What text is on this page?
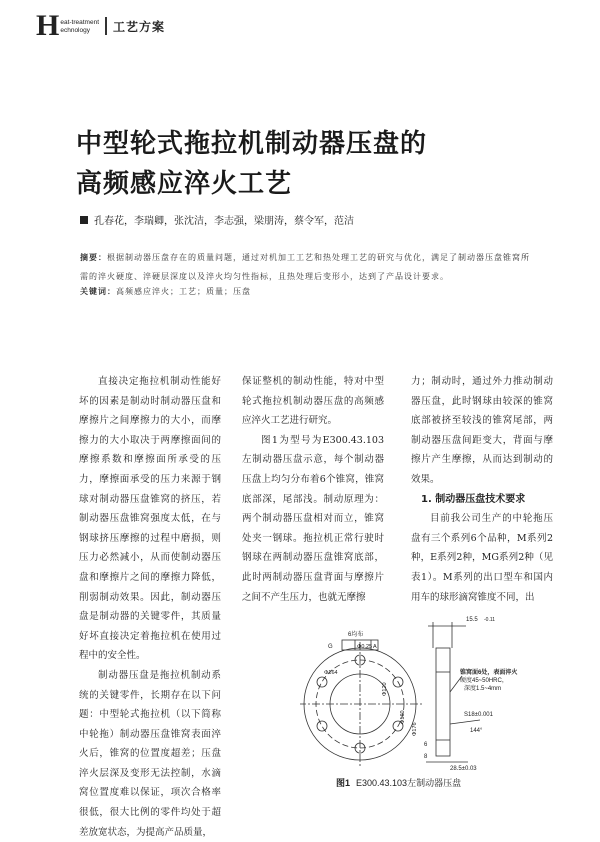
H eat-treatment
echnology	工艺方案
中型轮式拖拉机制动器压盘的
高频感应淬火工艺
孔春花，李瑞卿，张沈洁，李志强，梁朋涛，蔡令军，范洁
摘要：根据制动器压盘存在的质量问题，通过对机加工工艺和热处理工艺的研究与优化，满足了制动器压盘锥窝所需的淬火硬度、淬硬层深度以及淬火均匀性指标，且热处理后变形小，达到了产品设计要求。
关键词：高频感应淬火；工艺；质量；压盘

直接决定拖拉机制动性能好坏的因素是制动时制动器压盘和摩擦片之间摩擦力的大小，而摩擦力的大小取决于两摩擦面间的摩擦系数和摩擦面所承受的压力，摩擦面承受的压力来源于钢球对制动器压盘锥窝的挤压，若制动器压盘锥窝强度太低，在与钢球挤压摩擦的过程中磨损，则压力必然减小，从而使制动器压盘和摩擦片之间的摩擦力降低，削弱制动效果。因此，制动器压盘是制动器的关键零件，其质量好坏直接决定着拖拉机在使用过程中的安全性。

制动器压盘是拖拉机制动系统的关键零件，长期存在以下问题：中型轮式拖拉机（以下简称中轮拖）制动器压盘锥窝表面淬火后，锥窝的位置度超差；压盘淬火层深及变形无法控制，水滴窝位置度难以保证，项次合格率很低，很大比例的零件均处于超差放宽状态，为提高产品质量，

保证整机的制动性能，特对中型轮式拖拉机制动器压盘的高频感应淬火工艺进行研究。

图1为型号为E300.43.103左制动器压盘示意，每个制动器压盘上均匀分布着6个锥窝，锥窝底部深，尾部浅。制动原理为：两个制动器压盘相对而立，锥窝处夹一钢球。拖拉机正常行驶时钢球在两制动器压盘锥窝底部，此时两制动器压盘背面与摩擦片之间不产生压力，也就无摩擦

力；制动时，通过外力推动制动器压盘，此时钢球由较深的锥窝底部被挤至较浅的锥窝尾部，两制动器压盘间距变大，背面与摩擦片产生摩擦，从而达到制动的效果。

1. 制动器压盘技术要求

目前我公司生产的中轮拖压盘有三个系列6个品种，M系列2种，E系列2种，MG系列2种（见表1）。M系列的出口型车和国内用车的球形滴窝锥度不同，出

15.5 -0.11
6均布
Φ0.25 A
G
Φ164
Φ120
Φ160
Φ176
锥窝面6处，表面淬火
硬度45~50HRC，
深度1.5~4mm
S18±0.001
144°
6
8
28.5±0.03
图1 E300.43.103左制动器压盘
